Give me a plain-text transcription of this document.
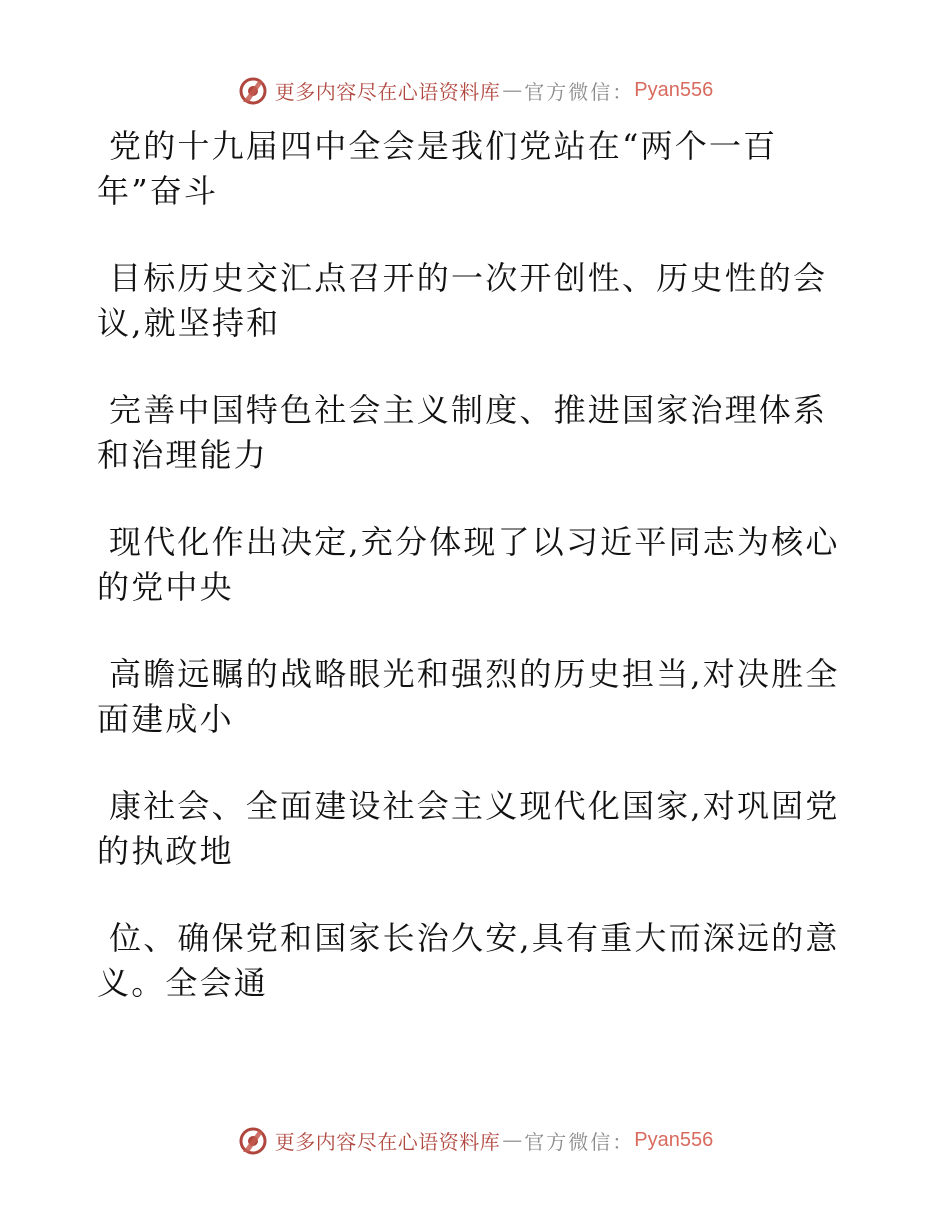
更多内容尽在心语资料库 — 官方微信： Pyan556
党的十九届四中全会是我们党站在“两个一百
年”奋斗
目标历史交汇点召开的一次开创性、历史性的会
议,就坚持和
完善中国特色社会主义制度、推进国家治理体系
和治理能力
现代化作出决定,充分体现了以习近平同志为核心
的党中央
高瞻远瞩的战略眼光和强烈的历史担当,对决胜全
面建成小
康社会、全面建设社会主义现代化国家,对巩固党
的执政地
位、确保党和国家长治久安,具有重大而深远的意
义。全会通
更多内容尽在心语资料库 — 官方微信： Pyan556
